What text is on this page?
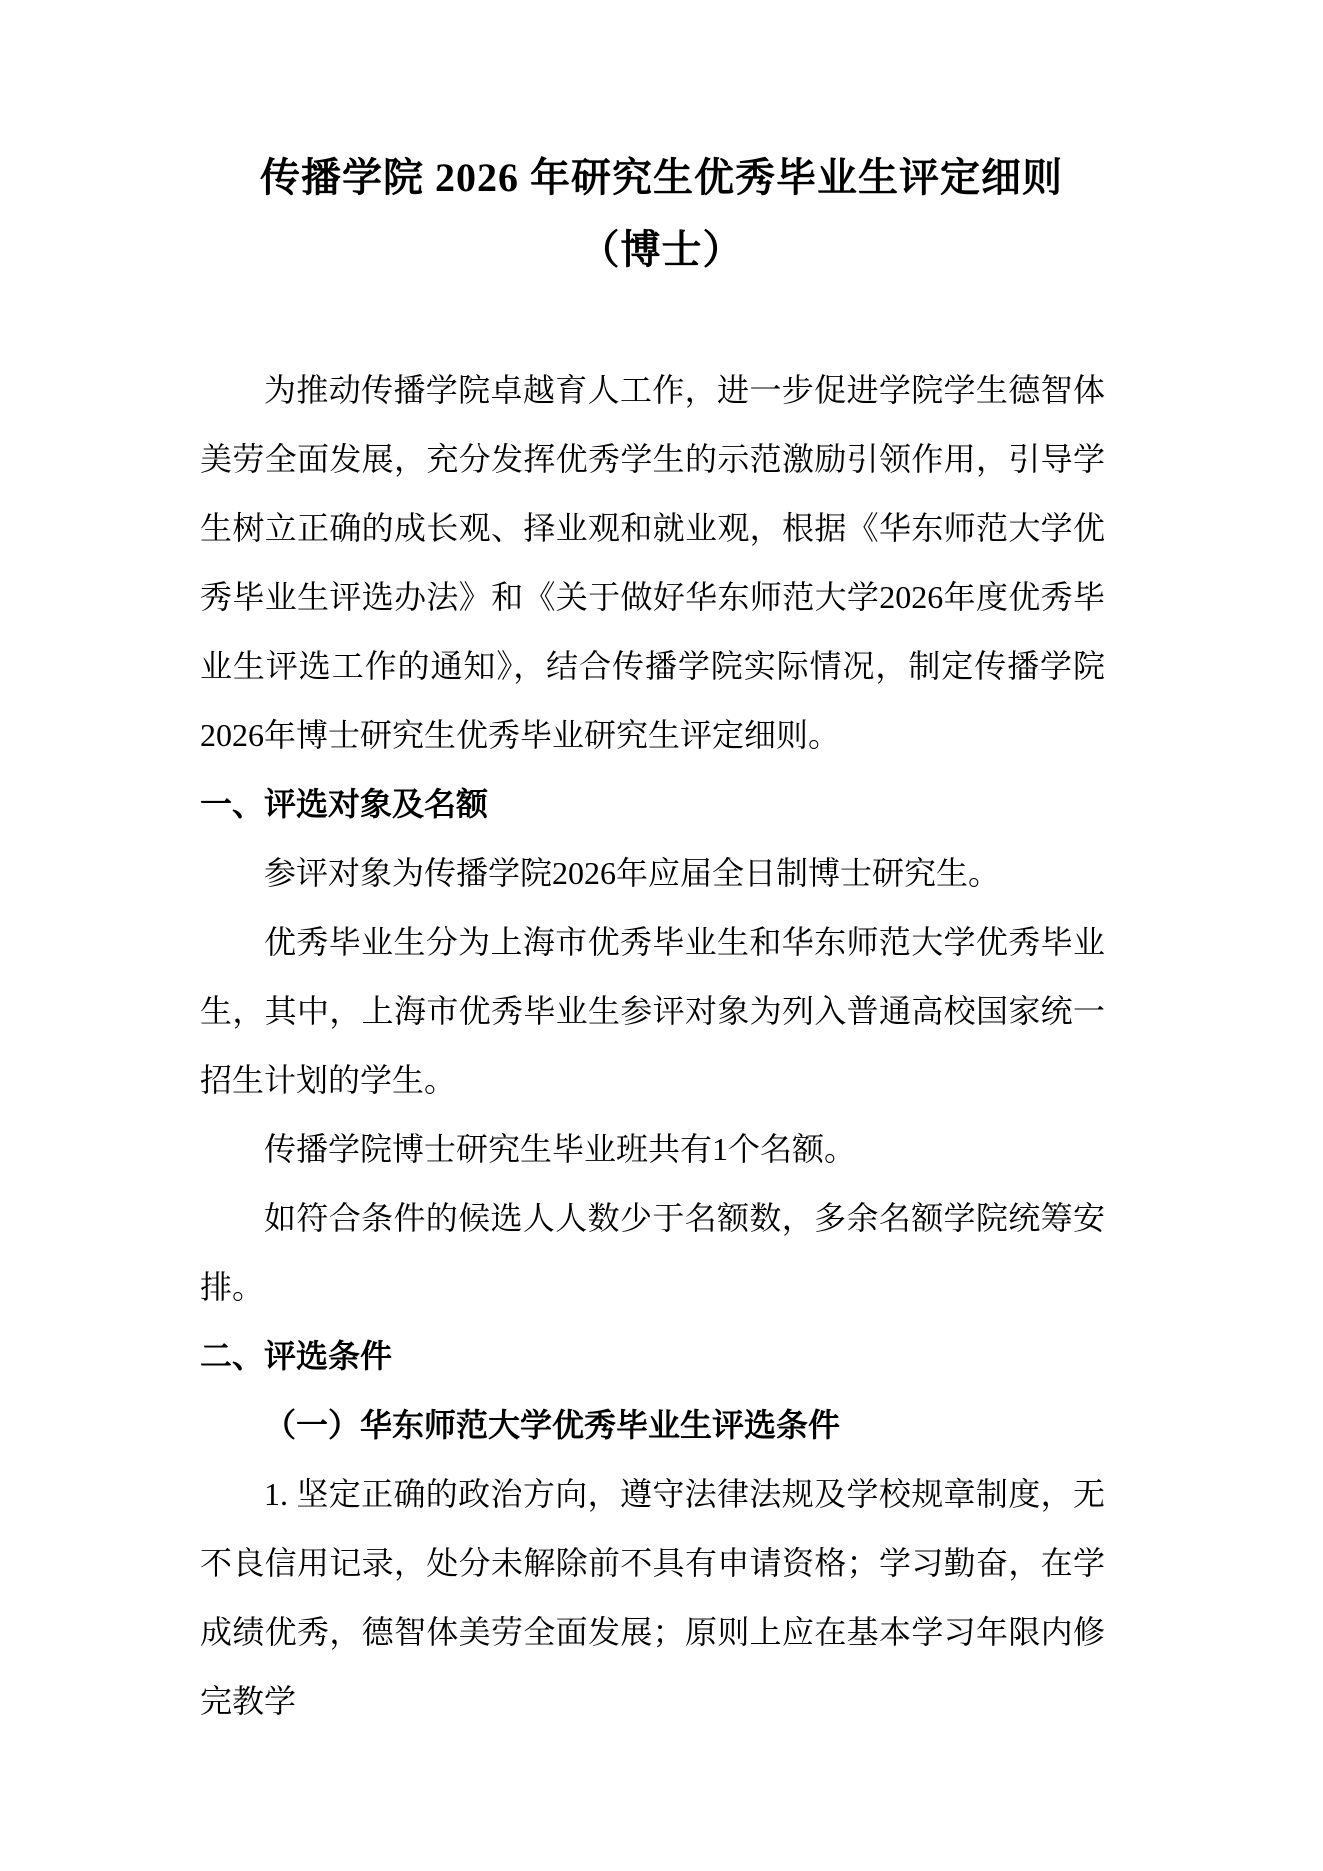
传播学院 2026 年研究生优秀毕业生评定细则
（博士）

为推动传播学院卓越育人工作，进一步促进学院学生德智体美劳全面发展，充分发挥优秀学生的示范激励引领作用，引导学生树立正确的成长观、择业观和就业观，根据《华东师范大学优秀毕业生评选办法》和《关于做好华东师范大学2026年度优秀毕业生评选工作的通知》，结合传播学院实际情况，制定传播学院2026年博士研究生优秀毕业研究生评定细则。

一、评选对象及名额

参评对象为传播学院2026年应届全日制博士研究生。

优秀毕业生分为上海市优秀毕业生和华东师范大学优秀毕业生，其中，上海市优秀毕业生参评对象为列入普通高校国家统一招生计划的学生。

传播学院博士研究生毕业班共有1个名额。

如符合条件的候选人人数少于名额数，多余名额学院统筹安排。

二、评选条件
（一）华东师范大学优秀毕业生评选条件

1. 坚定正确的政治方向，遵守法律法规及学校规章制度，无不良信用记录，处分未解除前不具有申请资格；学习勤奋，在学成绩优秀，德智体美劳全面发展；原则上应在基本学习年限内修完教学
